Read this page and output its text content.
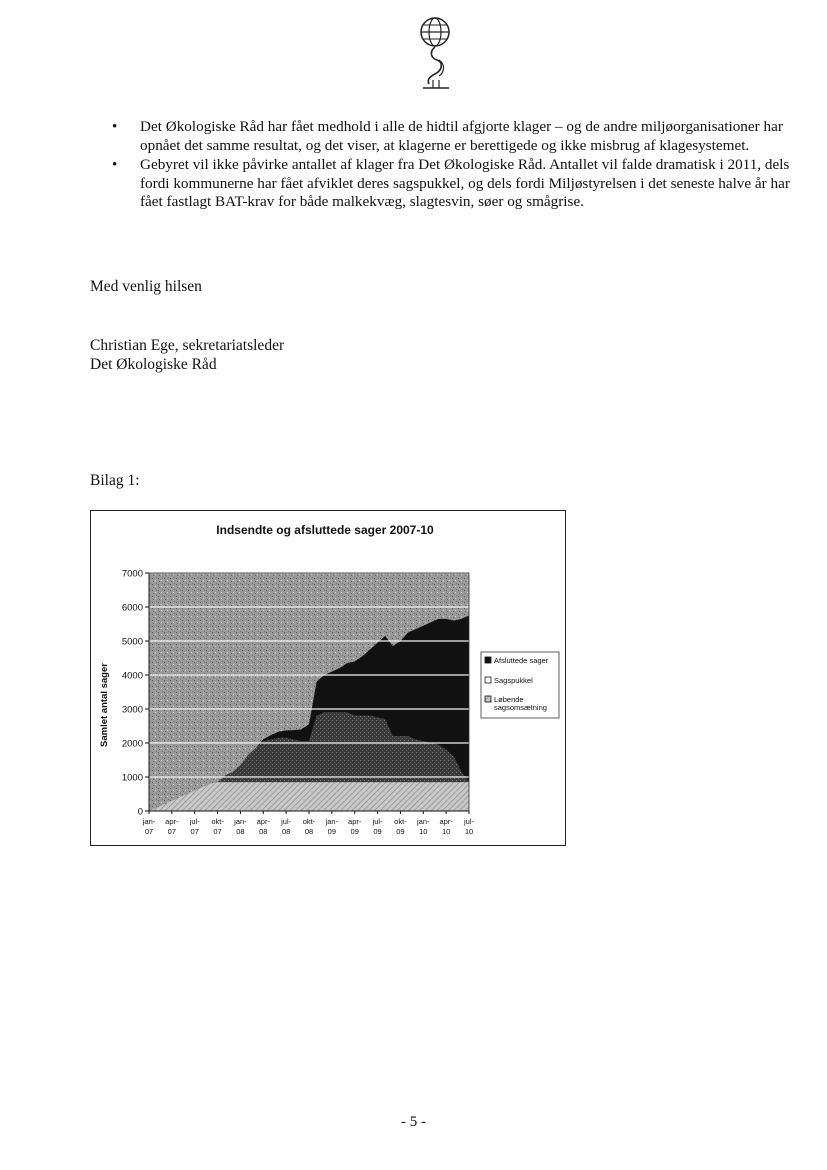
• Det Økologiske Råd har fået medhold i alle de hidtil afgjorte klager – og de andre miljøorganisationer har opnået det samme resultat, og det viser, at klagerne er berettigede og ikke misbrug af klagesystemet.
• Gebyret vil ikke påvirke antallet af klager fra Det Økologiske Råd. Antallet vil falde dramatisk i 2011, dels fordi kommunerne har fået afviklet deres sagspukkel, og dels fordi Miljøstyrelsen i det seneste halve år har fået fastlagt BAT-krav for både malkekvæg, slagtesvin, søer og smågrise.

Med venlig hilsen

Christian Ege, sekretariatsleder

Det Økologiske Råd

Bilag 1:

Indsendte og afsluttede sager 2007-10
Samlet antal sager
0
1000
2000
3000
4000
5000
6000
7000
jan-
07
apr-
07
jul-
07
okt-
07
jan-
08
apr-
08
jul-
08
okt-
08
jan-
09
apr-
09
jul-
09
okt-
09
jan-
10
apr-
10
jul-
10
Afsluttede sager
Sagspukkel
Løbende
sagsomsætning
- 5 -
